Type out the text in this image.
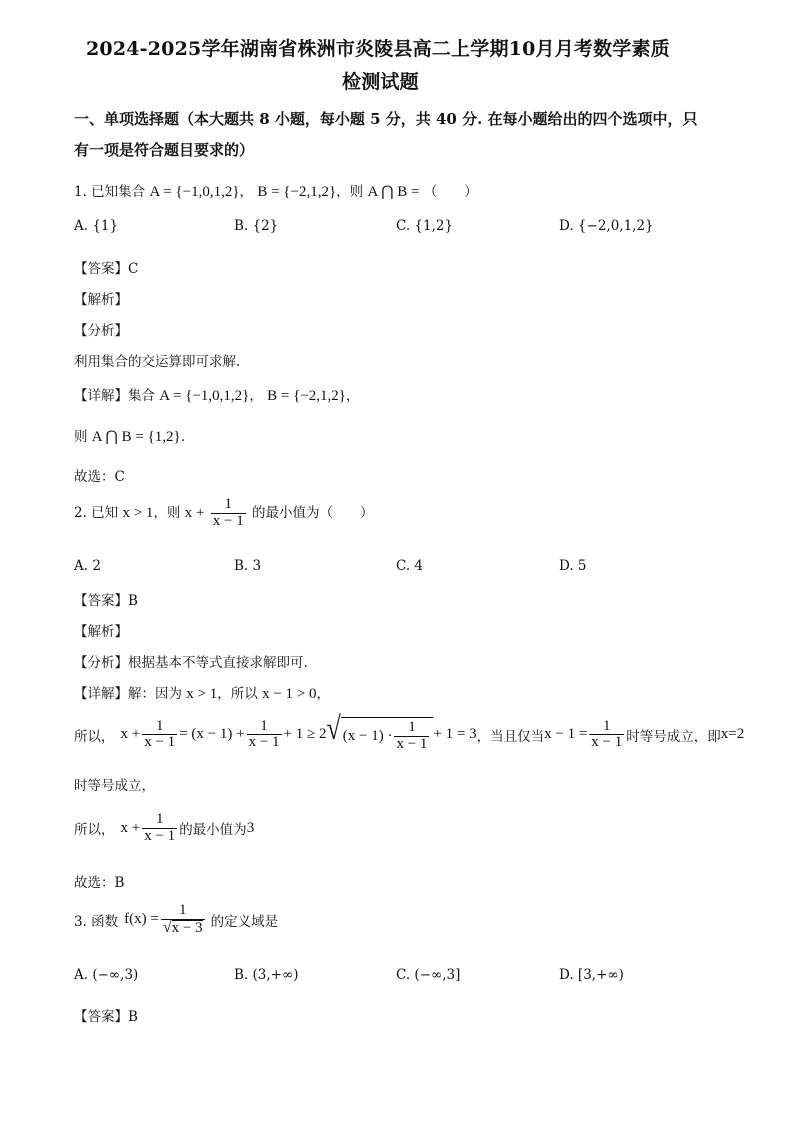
2024-2025学年湖南省株洲市炎陵县高二上学期10月月考数学素质
检测试题
一、单项选择题（本大题共 8 小题，每小题 5 分，共 40 分. 在每小题给出的四个选项中，只
有一项是符合题目要求的）
1. 已知集合 A = {−1,0,1,2}， B = {−2,1,2}，则 A ⋂ B = （　　）
A. {1}	B. {2}	C. {1,2}	D. {−2,0,1,2}
【答案】C
【解析】
【分析】
利用集合的交运算即可求解.
【详解】集合 A = {−1,0,1,2}， B = {−2,1,2}，
则 A ⋂ B = {1,2}.
故选：C
2. 已知 x > 1，则 $x + \frac{1}{x - 1}$ 的最小值为（　　）
A. 2	B. 3	C. 4	D. 5
【答案】B
【解析】
【分析】根据基本不等式直接求解即可.
【详解】解：因为 x > 1，所以 x − 1 > 0，
所以， $x + \frac{1}{x - 1} = (x - 1) + \frac{1}{x - 1} + 1 \ge 2$ √ $(x - 1) \cdot \frac{1}{x - 1} + 1 = 3$ ，当且仅当 $x - 1 = \frac{1}{x - 1}$ 时等号成立，即 x=2
时等号成立，
所以， $x + \frac{1}{x - 1}$ 的最小值为 3
故选：B
3. 函数 $f(x) = \frac{1}{√ x - 3}$ 的定义域是
A. (−∞,3)	B. (3,+∞)	C. (−∞,3]	D. [3,+∞)
【答案】B
